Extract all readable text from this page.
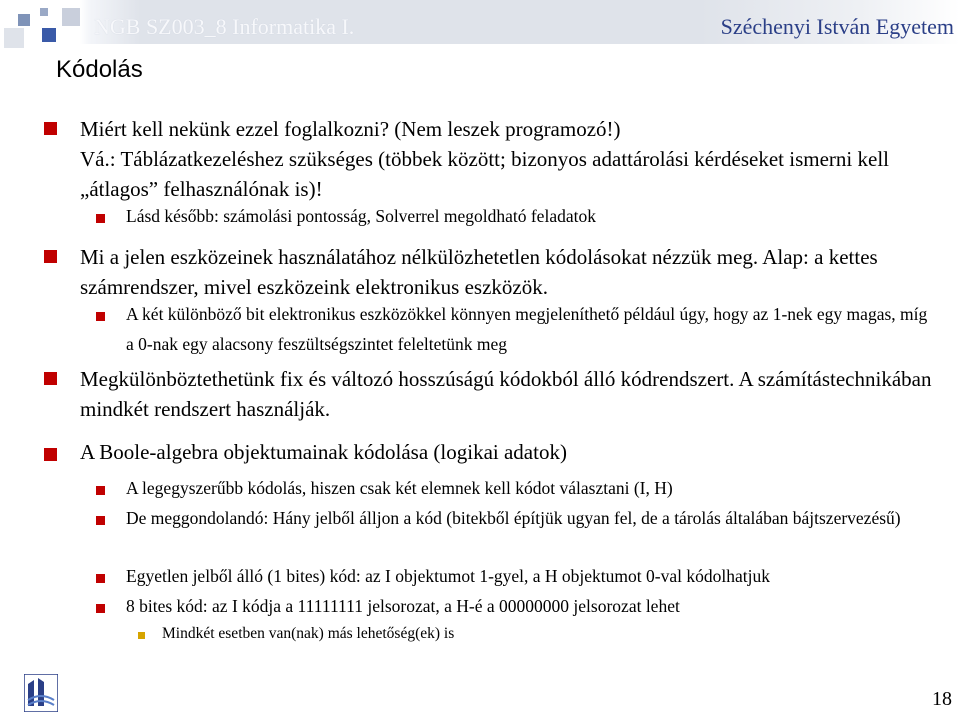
NGB SZ003_8 Informatika I.	Széchenyi István Egyetem
Kódolás
Miért kell nekünk ezzel foglalkozni? (Nem leszek programozó!)
Vá.: Táblázatkezeléshez szükséges (többek között; bizonyos adattárolási kérdéseket ismerni kell „átlagos” felhasználónak is)!
Lásd később: számolási pontosság, Solverrel megoldható feladatok
Mi a jelen eszközeinek használatához nélkülözhetetlen kódolásokat nézzük meg. Alap: a kettes számrendszer, mivel eszközeink elektronikus eszközök.
A két különböző bit elektronikus eszközökkel könnyen megjeleníthető például úgy, hogy az 1-nek egy magas, míg a 0-nak egy alacsony feszültségszintet feleltetünk meg
Megkülönböztethetünk fix és változó hosszúságú kódokból álló kódrendszert. A számítástechnikában mindkét rendszert használják.
A Boole-algebra objektumainak kódolása (logikai adatok)
A legegyszerűbb kódolás, hiszen csak két elemnek kell kódot választani (I, H)
De meggondolandó: Hány jelből álljon a kód (bitekből építjük ugyan fel, de a tárolás általában bájtszervezésű)
Egyetlen jelből álló (1 bites) kód: az I objektumot 1-gyel, a H objektumot 0-val kódolhatjuk
8 bites kód: az I kódja a 11111111 jelsorozat, a H-é a 00000000 jelsorozat lehet
Mindkét esetben van(nak) más lehetőség(ek) is
18
